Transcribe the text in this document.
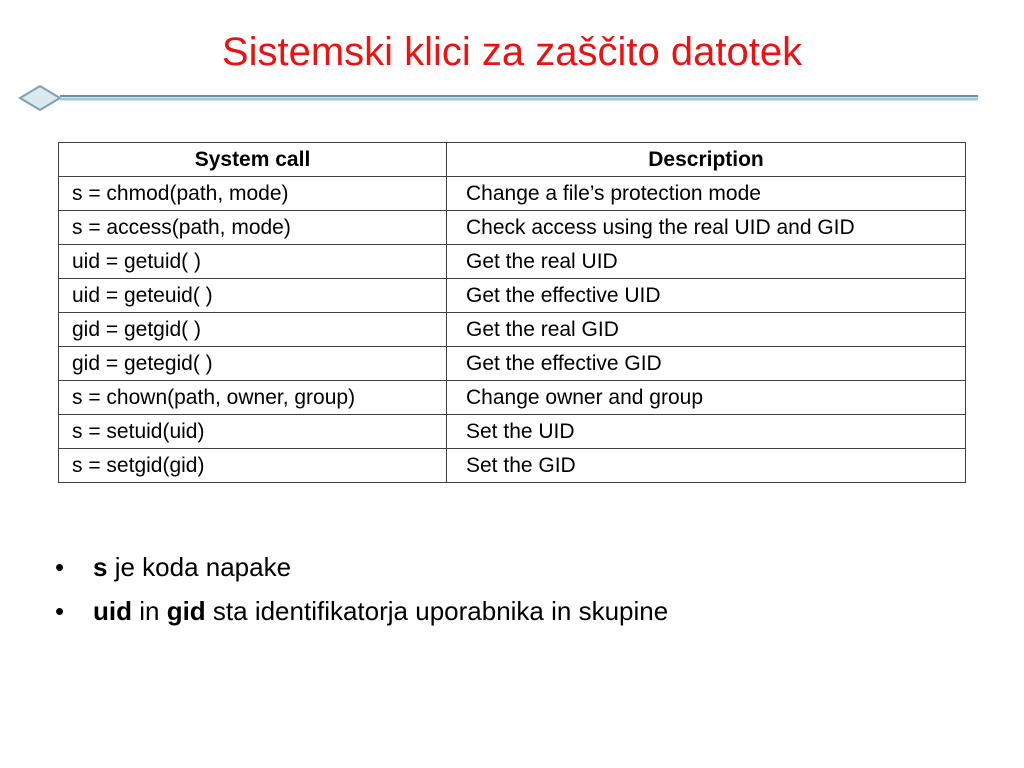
Sistemski klici za zaščito datotek
System call	Description
s = chmod(path, mode)	Change a file’s protection mode
s = access(path, mode)	Check access using the real UID and GID
uid = getuid( )	Get the real UID
uid = geteuid( )	Get the effective UID
gid = getgid( )	Get the real GID
gid = getegid( )	Get the effective GID
s = chown(path, owner, group)	Change owner and group
s = setuid(uid)	Set the UID
s = setgid(gid)	Set the GID
• s je koda napake
• uid in gid sta identifikatorja uporabnika in skupine
